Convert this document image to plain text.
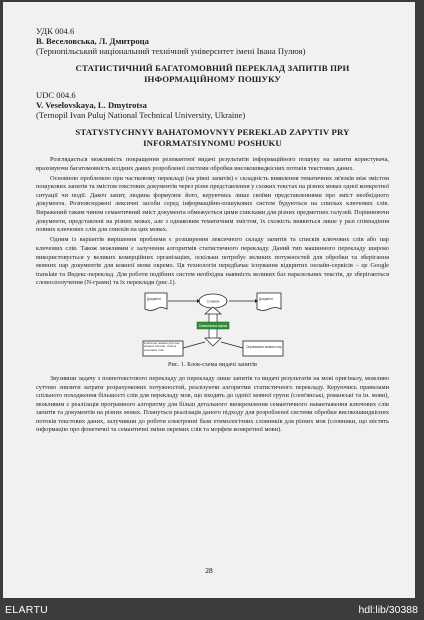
УДК 004.6
В. Веселовська, Л. Дмитроца
(Тернопільський національний технічний університет імені Івана Пулюя)
СТАТИСТИЧНИЙ БАГАТОМОВНИЙ ПЕРЕКЛАД ЗАПИТІВ ПРИ ІНФОРМАЦІЙНОМУ ПОШУКУ
UDC 004.6
V. Veselovskaya, L. Dmytrotsa
(Ternopil Ivan Puluj National Technical University, Ukraine)
STATYSTYCHNYY BAHATOMOVNYY PEREKLAD ZAPYTIV PRY INFORMATSIYNOMU POSHUKU

Розглядається можливість покращення релевантної видачі результатів інформаційного пошуку на запити користувача, враховуючи багатомовність вхідних даних розробленої системи обробки високошвидкісних потоків текстових даних.

Основною проблемою при частковому перекладі (на рівні запитів) є складність виявлення тематичних зв'язків між змістом пошукових запитів та змістом текстових документів через різне представлення у схожих текстах на різних мовах одної конкретної ситуації чи події. Дакоч запит, людина формулює його, керуючись лише своїми представленнями про зміст необхідного документа. Розповсюджені лексичні засоби серед інформаційно-пошукових систем будуються на списках ключових слів. Виражений таким чином семантичний зміст документа обмежується цими списками для різних предметних галузей. Порівнюючи документи, представлені на різних мовах, але з однаковим тематичним змістом, їх схожість виявиться лише у разі співпадіння повних ключових слів для списків на цих мовах.

Одним із варіантів вирішення проблеми є розширення лексичного складу запитів та списків ключових слів або пар ключових слів. Також можливим є залучення алгоритмів статистичного перекладу. Даний тип машинного перекладу широко використовується у великих комерційних організаціях, оскільки потребує великих потужностей для обробки та зберігання мовних пар документів для кожної мови окремо. Ця технологія передбачає існування відкритих онлайн-сервісів – це Google translate та Яндекс-переклад. Для роботи подібних систем необхідна наявність великих баз паралельних текстів, де зберігаються словосполучення (N-грами) та їх переклади (рис.1).

Документ
Словник
Документ
Семантична оцінка
Класичне знання для пар вхідних запитів, список ключових слів
Оцінювання мовних пар
Рис. 1. Блок-схема видачі запитів

Звузивши задачу з повнотекстового перекладу до перекладу лише запитів та видачі результатів на мові оригіналу, можливо суттєво знизити затрати розрахункових потужностей, реалізуючи алгоритми статистичного перекладу. Керуючись правилами спільного походження більшості слів для перекладу мов, що входять до однієї мовної групи (слов'янські, романські та ін. мови), можливим є реалізація програмного алгоритму для більш детального виокремлення семантичного навантаження ключових слів запитів та документів на різних мовах. Плануться реалізація даного підходу для розробленої системи обробки високошвидкісних потоків текстових даних, залучивши до роботи електронні бази етимологічних словників для різних мов (словники, що містять інформацію про фонетичні та семантичні зміни окремих слів та морфем конкретної мови).

28
ELARTU	hdl:lib/30388
